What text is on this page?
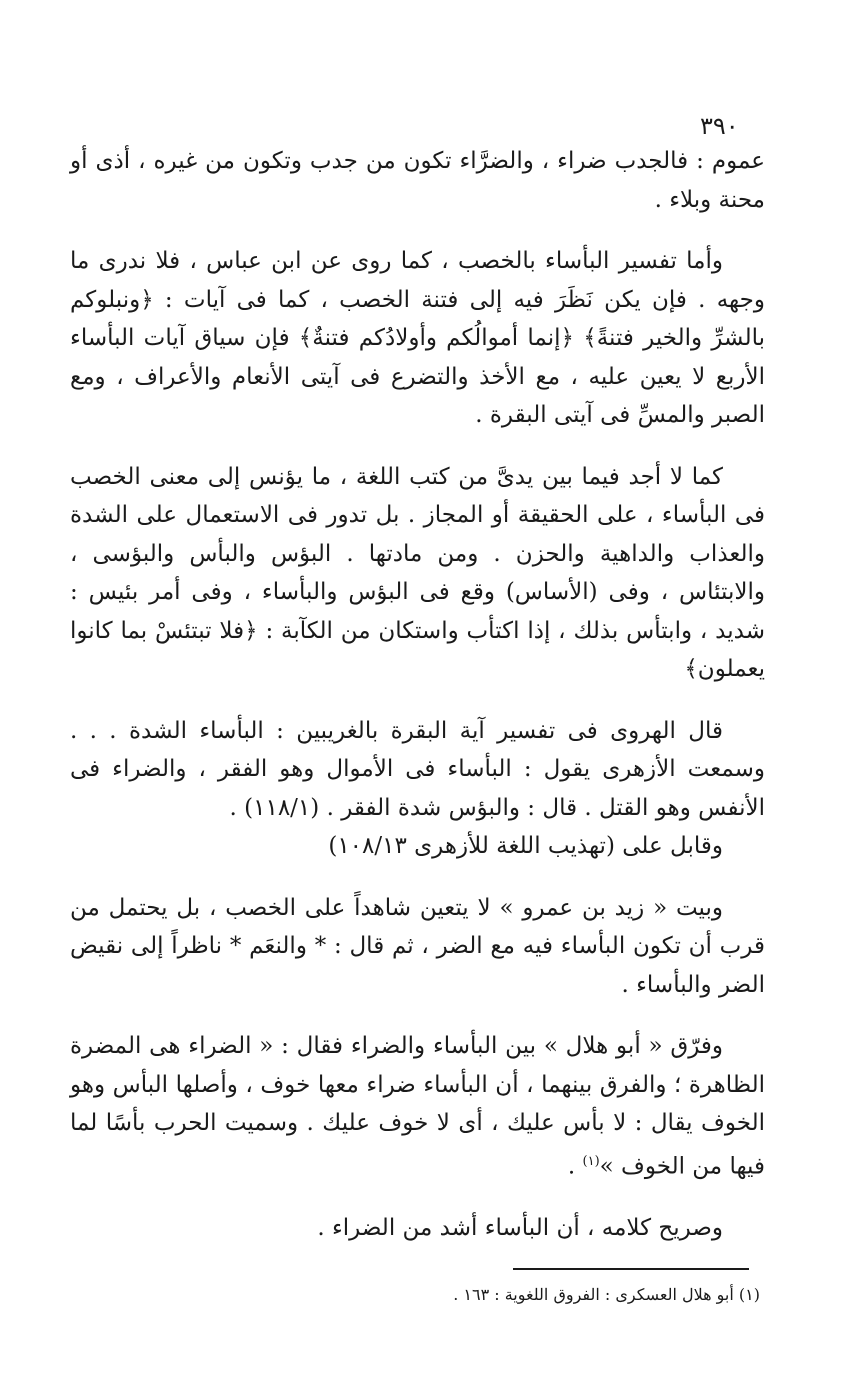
٣٩٠

عموم : فالجدب ضراء ، والضرَّاء تكون من جدب وتكون من غيره ، أذى أو محنة وبلاء .

وأما تفسير البأساء بالخصب ، كما روى عن ابن عباس ، فلا ندرى ما وجهه . فإن يكن نَظَرَ فيه إلى فتنة الخصب ، كما فى آيات : ﴿ونبلوكم بالشرِّ والخير فتنةً﴾ ﴿إنما أموالُكم وأولادُكم فتنةٌ﴾ فإن سياق آيات البأساء الأربع لا يعين عليه ، مع الأخذ والتضرع فى آيتى الأنعام والأعراف ، ومع الصبر والمسِّ فى آيتى البقرة .

كما لا أجد فيما بين يدىَّ من كتب اللغة ، ما يؤنس إلى معنى الخصب فى البأساء ، على الحقيقة أو المجاز . بل تدور فى الاستعمال على الشدة والعذاب والداهية والحزن . ومن مادتها . البؤس والبأس والبؤسى ، والابتئاس ، وفى (الأساس) وقع فى البؤس والبأساء ، وفى أمر بئيس : شديد ، وابتأس بذلك ، إذا اكتأب واستكان من الكآبة : ﴿فلا تبتئسْ بما كانوا يعملون﴾

قال الهروى فى تفسير آية البقرة بالغريبين : البأساء الشدة . . . وسمعت الأزهرى يقول : البأساء فى الأموال وهو الفقر ، والضراء فى الأنفس وهو القتل . قال : والبؤس شدة الفقر . (١١٨/١) .

وقابل على (تهذيب اللغة للأزهرى ١٠٨/١٣)

وبيت « زيد بن عمرو » لا يتعين شاهداً على الخصب ، بل يحتمل من قرب أن تكون البأساء فيه مع الضر ، ثم قال : * والنعَم * ناظراً إلى نقيض الضر والبأساء .

وفرّق « أبو هلال » بين البأساء والضراء فقال : « الضراء هى المضرة الظاهرة ؛ والفرق بينهما ، أن البأساء ضراء معها خوف ، وأصلها البأس وهو الخوف يقال : لا بأس عليك ، أى لا خوف عليك . وسميت الحرب بأسًا لما فيها من الخوف »$^{(١)}$ .

وصريح كلامه ، أن البأساء أشد من الضراء .

(١) أبو هلال العسكرى : الفروق اللغوية : ١٦٣ .
